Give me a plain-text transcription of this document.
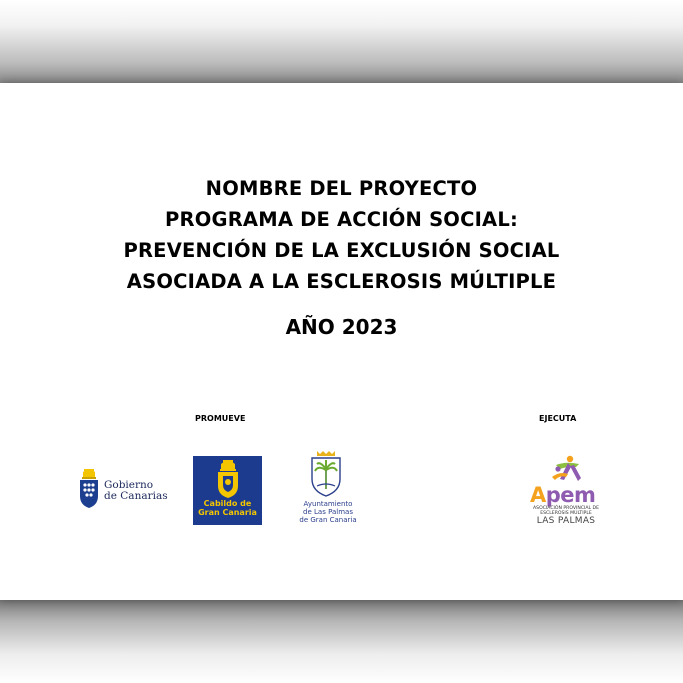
NOMBRE DEL PROYECTO
PROGRAMA DE ACCIÓN SOCIAL:
PREVENCIÓN DE LA EXCLUSIÓN SOCIAL
ASOCIADA A LA ESCLEROSIS MÚLTIPLE
AÑO 2023
PROMUEVE	EJECUTA
Gobierno
de Canarias
Cabildo de
Gran Canaria
Ayuntamiento
de Las Palmas
de Gran Canaria
Apem
ASOCIACIÓN PROVINCIAL DE
ESCLEROSIS MÚLTIPLE
LAS PALMAS
